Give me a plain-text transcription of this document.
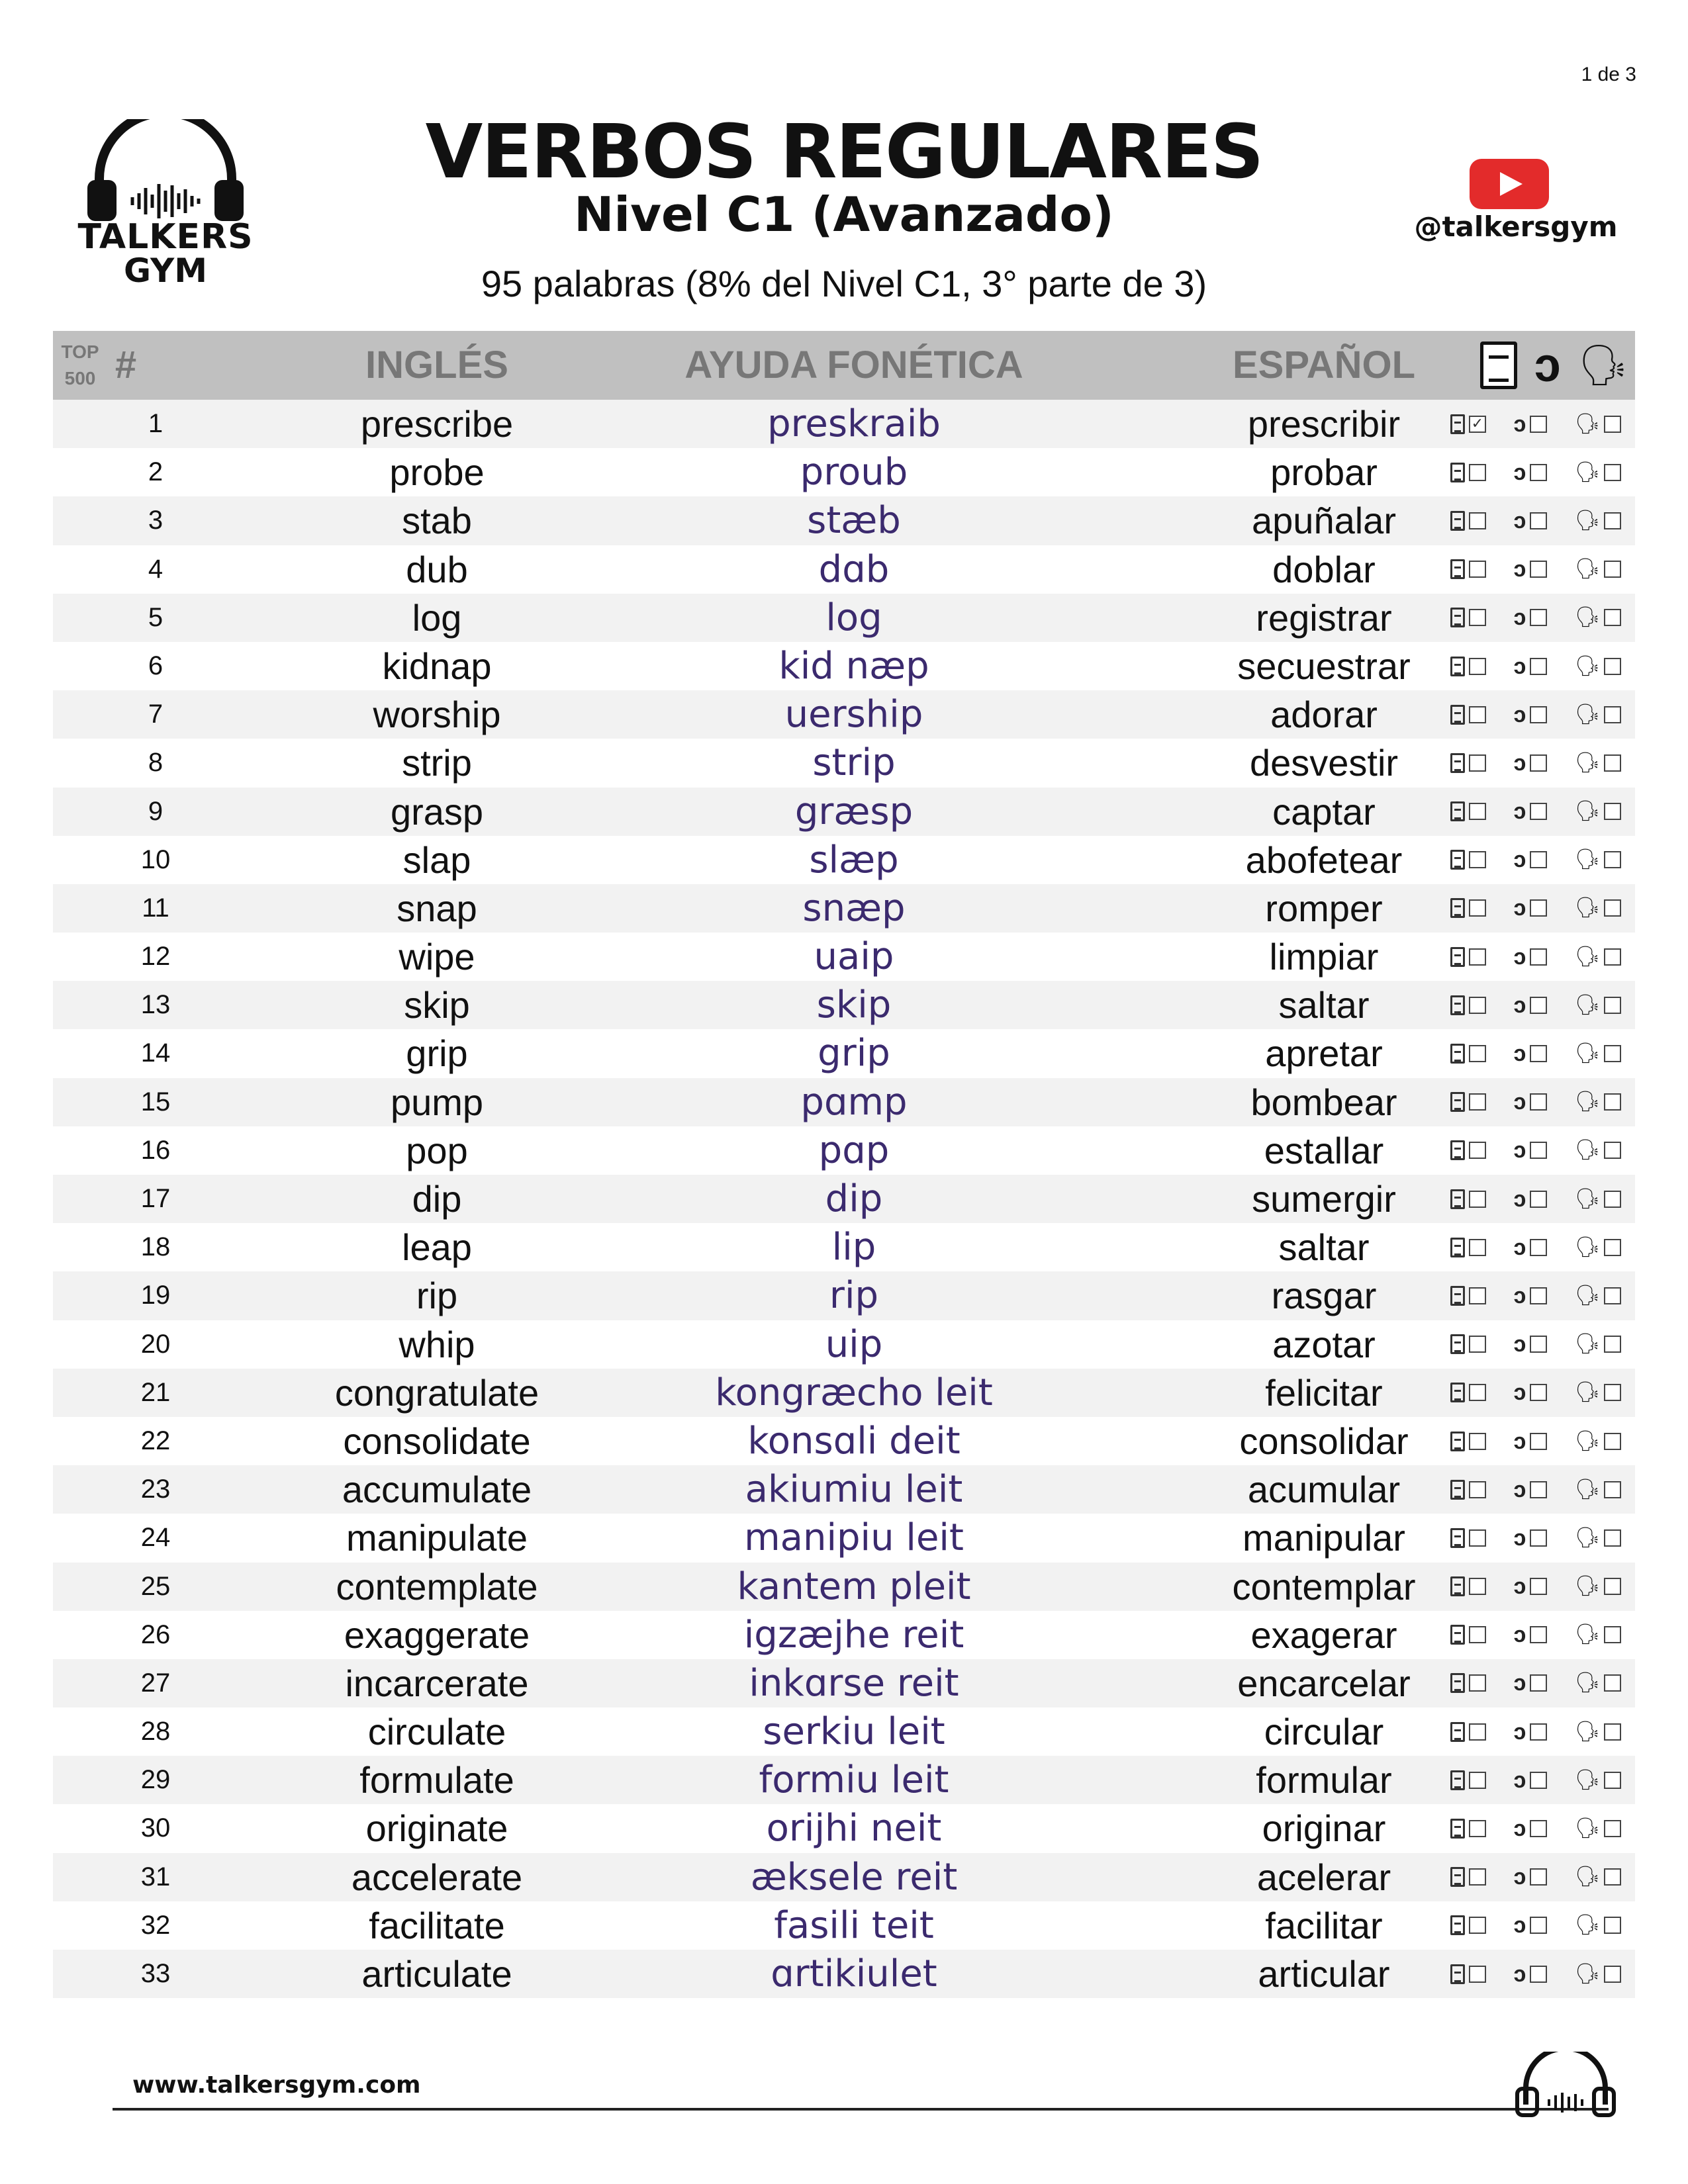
1 de 3
TALKERS
GYM
VERBOS REGULARES
Nivel C1 (Avanzado)
95 palabras (8% del Nivel C1, 3° parte de 3)
@talkersgym
TOP
500 #	INGLÉS	AYUDA FONÉTICA	ESPAÑOL	ↄ 🗣
1	prescribe	preskraib	prescribir	✓ ↄ 🗣
2	probe	proub	probar	ↄ 🗣
3	stab	stæb	apuñalar	ↄ 🗣
4	dub	dɑb	doblar	ↄ 🗣
5	log	log	registrar	ↄ 🗣
6	kidnap	kid næp	secuestrar	ↄ 🗣
7	worship	uership	adorar	ↄ 🗣
8	strip	strip	desvestir	ↄ 🗣
9	grasp	græsp	captar	ↄ 🗣
10	slap	slæp	abofetear	ↄ 🗣
11	snap	snæp	romper	ↄ 🗣
12	wipe	uaip	limpiar	ↄ 🗣
13	skip	skip	saltar	ↄ 🗣
14	grip	grip	apretar	ↄ 🗣
15	pump	pɑmp	bombear	ↄ 🗣
16	pop	pɑp	estallar	ↄ 🗣
17	dip	dip	sumergir	ↄ 🗣
18	leap	lip	saltar	ↄ 🗣
19	rip	rip	rasgar	ↄ 🗣
20	whip	uip	azotar	ↄ 🗣
21	congratulate	kongræcho leit	felicitar	ↄ 🗣
22	consolidate	konsɑli deit	consolidar	ↄ 🗣
23	accumulate	akiumiu leit	acumular	ↄ 🗣
24	manipulate	manipiu leit	manipular	ↄ 🗣
25	contemplate	kantem pleit	contemplar	ↄ 🗣
26	exaggerate	igzæjhe reit	exagerar	ↄ 🗣
27	incarcerate	inkɑrse reit	encarcelar	ↄ 🗣
28	circulate	serkiu leit	circular	ↄ 🗣
29	formulate	formiu leit	formular	ↄ 🗣
30	originate	orijhi neit	originar	ↄ 🗣
31	accelerate	æksele reit	acelerar	ↄ 🗣
32	facilitate	fasili teit	facilitar	ↄ 🗣
33	articulate	ɑrtikiulet	articular	ↄ 🗣
www.talkersgym.com
